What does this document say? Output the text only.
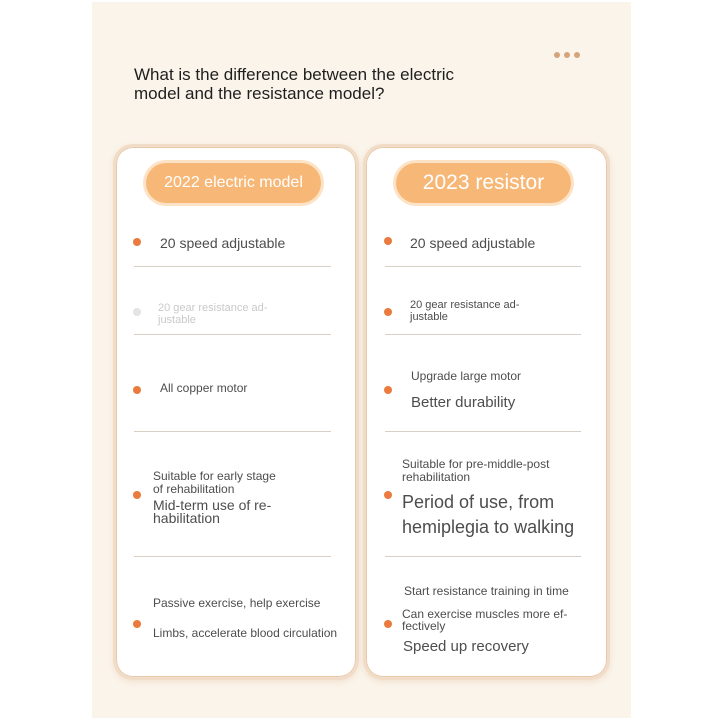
What is the difference between the electric
model and the resistance model?
2022 electric model
20 speed adjustable
20 gear resistance ad-
justable
All copper motor
Suitable for early stage
of rehabilitation
Mid-term use of re-
habilitation
Passive exercise, help exercise
Limbs, accelerate blood circulation
2023 resistor
20 speed adjustable
20 gear resistance ad-
justable
Upgrade large motor
Better durability
Suitable for pre-middle-post
rehabilitation
Period of use, from
hemiplegia to walking
Start resistance training in time
Can exercise muscles more ef-
fectively
Speed up recovery
